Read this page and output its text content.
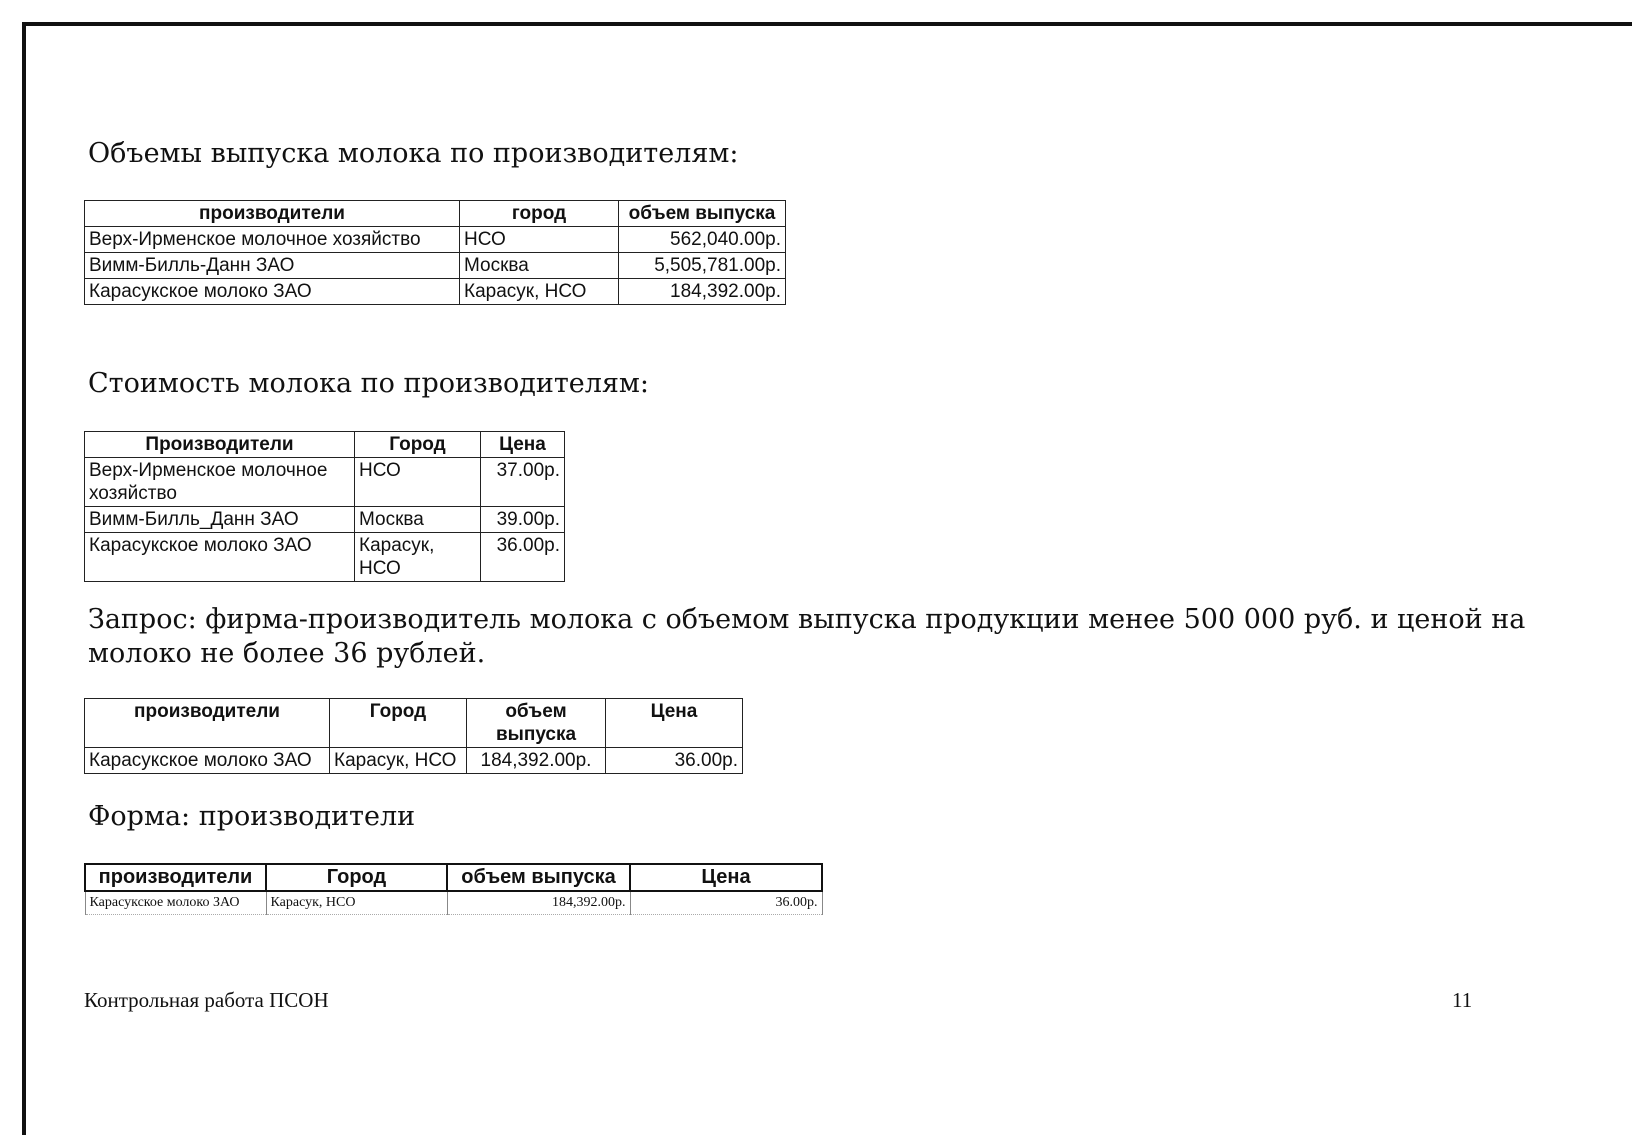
Объемы выпуска молока по производителям:
производители	город	объем выпуска
Верх-Ирменское молочное хозяйство	НСО	562,040.00р.
Вимм-Билль-Данн ЗАО	Москва	5,505,781.00р.
Карасукское молоко ЗАО	Карасук, НСО	184,392.00р.
Стоимость молока по производителям:
Производители	Город	Цена
Верх-Ирменское молочное хозяйство	НСО	37.00р.
Вимм-Билль_Данн ЗАО	Москва	39.00р.
Карасукское молоко ЗАО	Карасук, НСО	36.00р.
Запрос: фирма-производитель молока с объемом выпуска продукции менее 500 000 руб. и ценой на молоко не более 36 рублей.
производители	Город	объем выпуска	Цена
Карасукское молоко ЗАО	Карасук, НСО	184,392.00р.	36.00р.
Форма: производители
производители	Город	объем выпуска	Цена
Карасукское молоко ЗАО	Карасук, НСО	184,392.00р.	36.00р.

Контрольная работа ПСОН	11
